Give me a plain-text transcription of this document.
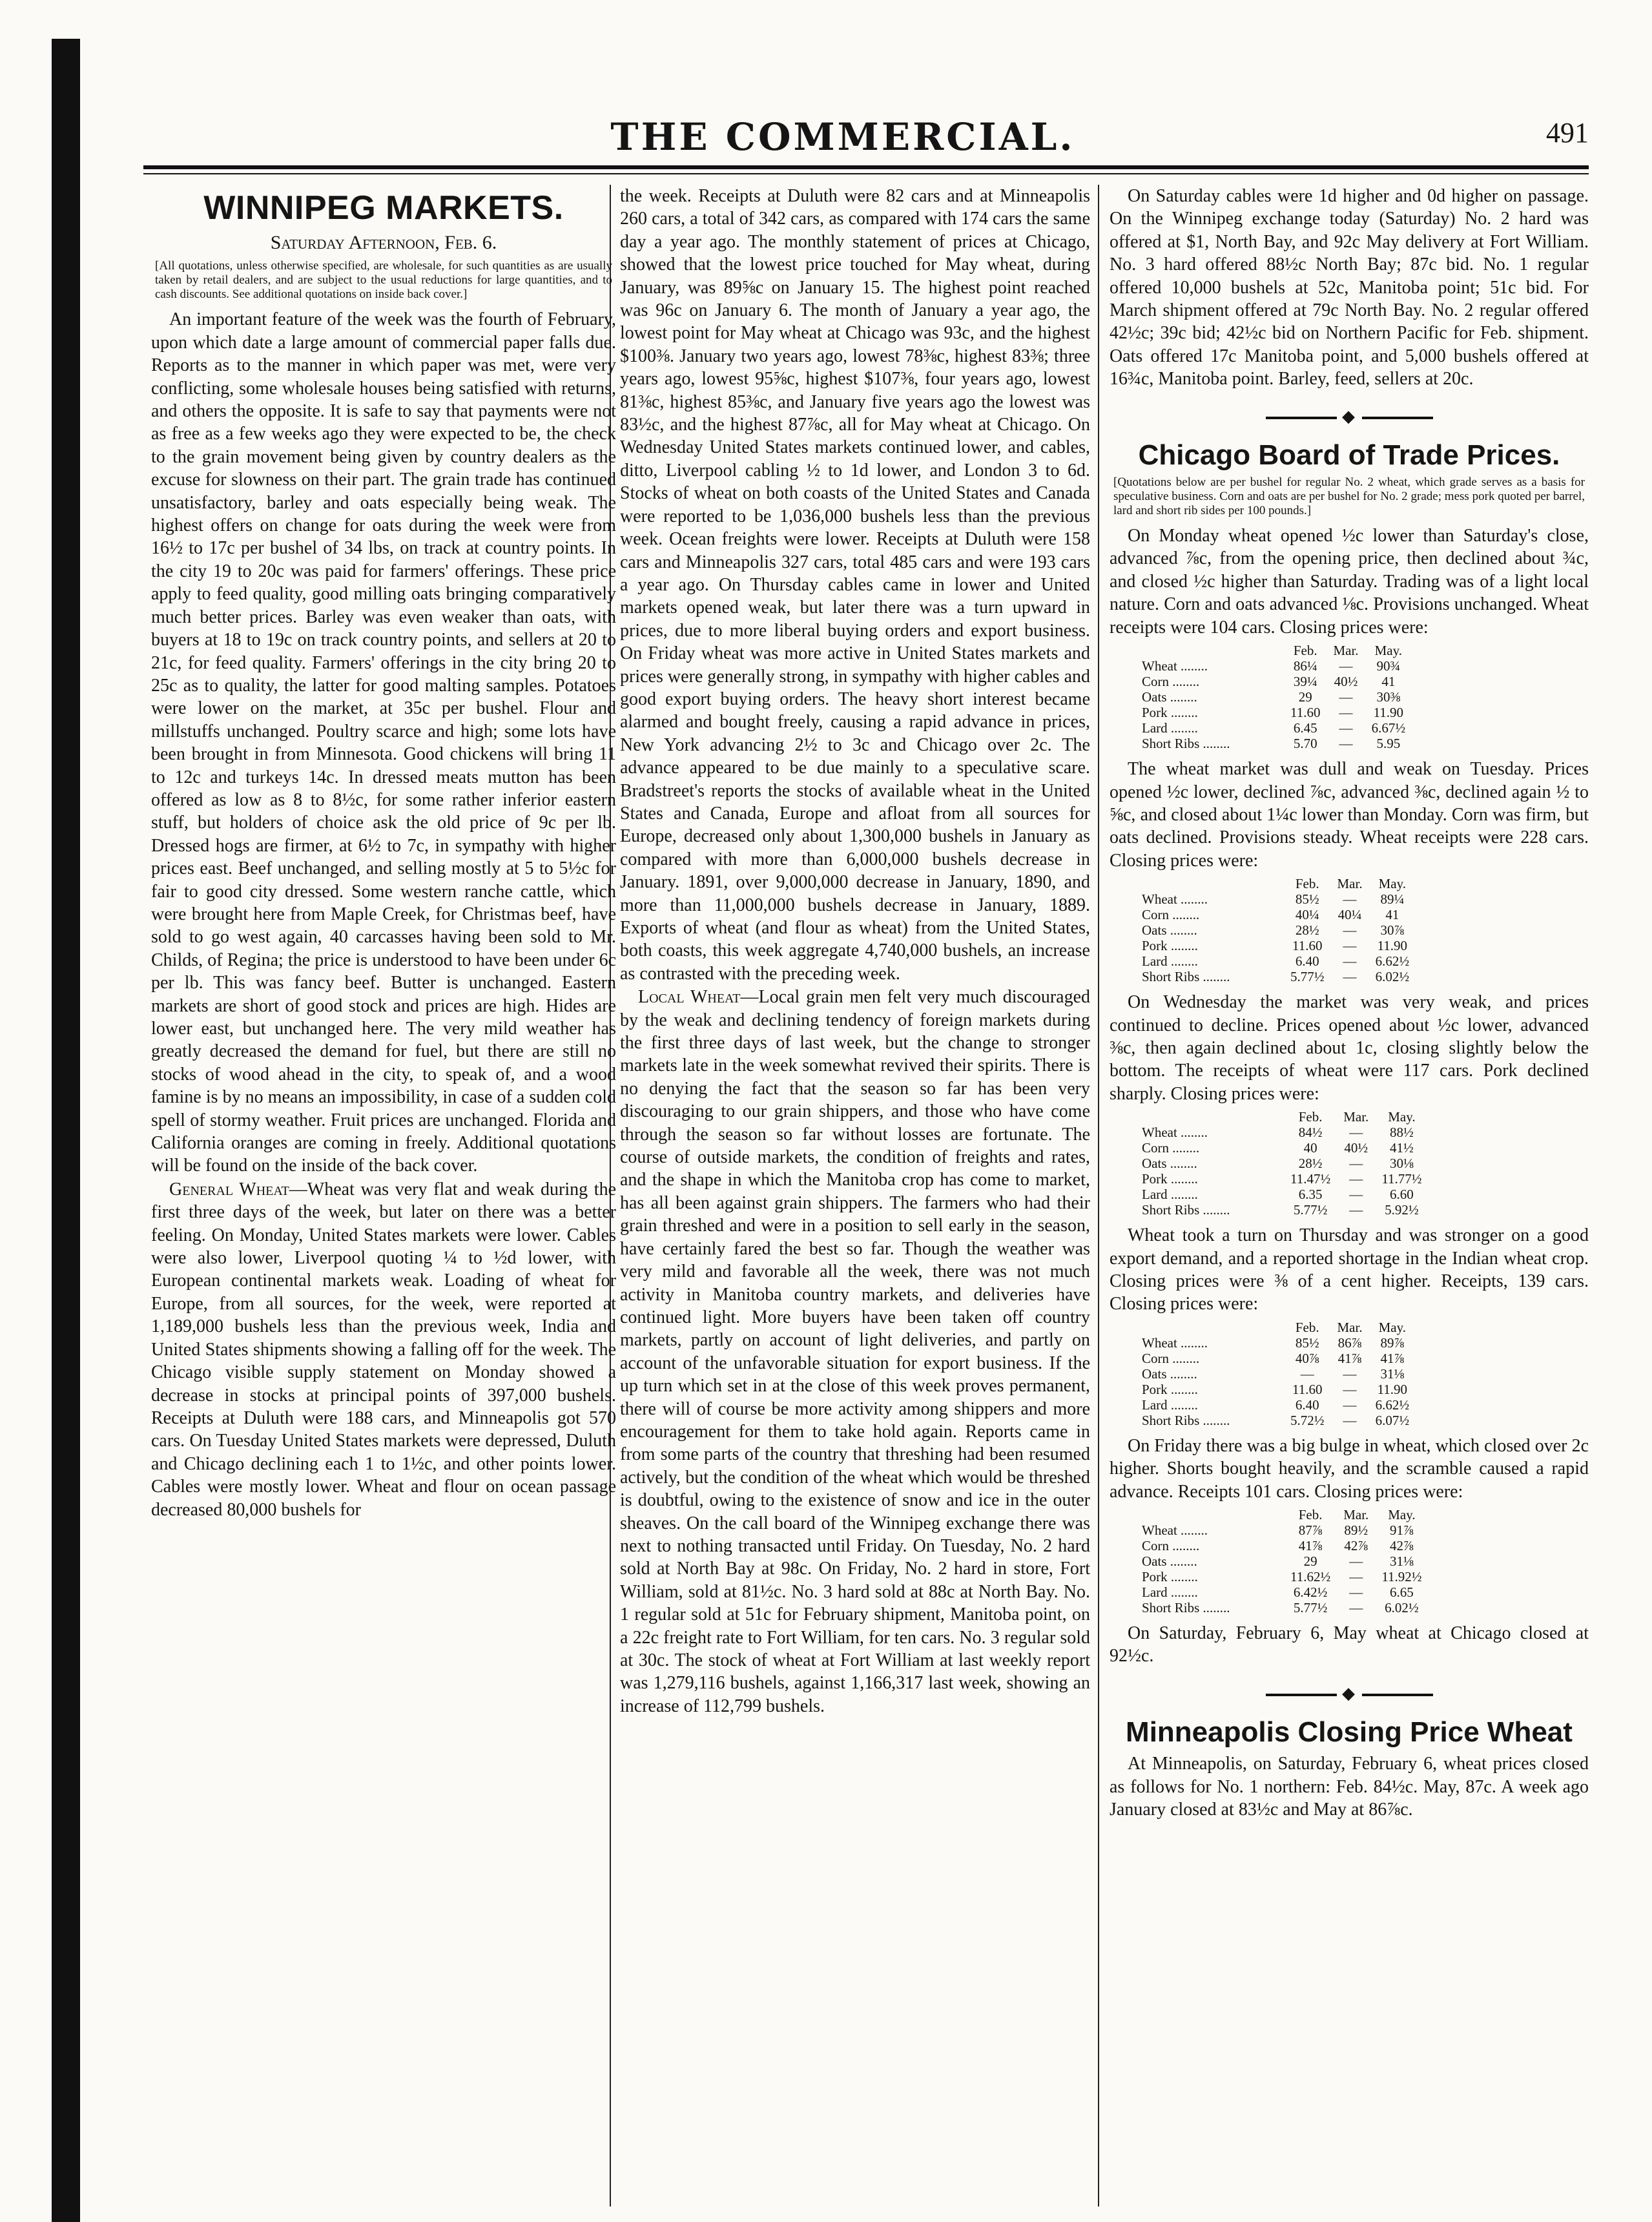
THE COMMERCIAL.	491
WINNIPEG MARKETS.
Saturday Afternoon, Feb. 6.
[All quotations, unless otherwise specified, are wholesale, for such quantities as are usually taken by retail dealers, and are subject to the usual reductions for large quantities, and to cash discounts. See additional quotations on inside back cover.]

An important feature of the week was the fourth of February, upon which date a large amount of commercial paper falls due. Reports as to the manner in which paper was met, were very conflicting, some wholesale houses being satisfied with returns, and others the opposite. It is safe to say that payments were not as free as a few weeks ago they were expected to be, the check to the grain movement being given by country dealers as the excuse for slowness on their part. The grain trade has continued unsatisfactory, barley and oats especially being weak. The highest offers on change for oats during the week were from 16½ to 17c per bushel of 34 lbs, on track at country points. In the city 19 to 20c was paid for farmers' offerings. These price apply to feed quality, good milling oats bringing comparatively much better prices. Barley was even weaker than oats, with buyers at 18 to 19c on track country points, and sellers at 20 to 21c, for feed quality. Farmers' offerings in the city bring 20 to 25c as to quality, the latter for good malting samples. Potatoes were lower on the market, at 35c per bushel. Flour and millstuffs unchanged. Poultry scarce and high; some lots have been brought in from Minnesota. Good chickens will bring 11 to 12c and turkeys 14c. In dressed meats mutton has been offered as low as 8 to 8½c, for some rather inferior eastern stuff, but holders of choice ask the old price of 9c per lb. Dressed hogs are firmer, at 6½ to 7c, in sympathy with higher prices east. Beef unchanged, and selling mostly at 5 to 5½c for fair to good city dressed. Some western ranche cattle, which were brought here from Maple Creek, for Christmas beef, have sold to go west again, 40 carcasses having been sold to Mr. Childs, of Regina; the price is understood to have been under 6c per lb. This was fancy beef. Butter is unchanged. Eastern markets are short of good stock and prices are high. Hides are lower east, but unchanged here. The very mild weather has greatly decreased the demand for fuel, but there are still no stocks of wood ahead in the city, to speak of, and a wood famine is by no means an impossibility, in case of a sudden cold spell of stormy weather. Fruit prices are unchanged. Florida and California oranges are coming in freely. Additional quotations will be found on the inside of the back cover.

General Wheat—Wheat was very flat and weak during the first three days of the week, but later on there was a better feeling. On Monday, United States markets were lower. Cables were also lower, Liverpool quoting ¼ to ½d lower, with European continental markets weak. Loading of wheat for Europe, from all sources, for the week, were reported at 1,189,000 bushels less than the previous week, India and United States shipments showing a falling off for the week. The Chicago visible supply statement on Monday showed a decrease in stocks at principal points of 397,000 bushels. Receipts at Duluth were 188 cars, and Minneapolis got 570 cars. On Tuesday United States markets were depressed, Duluth and Chicago declining each 1 to 1½c, and other points lower. Cables were mostly lower. Wheat and flour on ocean passage decreased 80,000 bushels for

the week. Receipts at Duluth were 82 cars and at Minneapolis 260 cars, a total of 342 cars, as compared with 174 cars the same day a year ago. The monthly statement of prices at Chicago, showed that the lowest price touched for May wheat, during January, was 89⅝c on January 15. The highest point reached was 96c on January 6. The month of January a year ago, the lowest point for May wheat at Chicago was 93c, and the highest $100⅜. January two years ago, lowest 78⅜c, highest 83⅜; three years ago, lowest 95⅝c, highest $107⅜, four years ago, lowest 81⅜c, highest 85⅜c, and January five years ago the lowest was 83½c, and the highest 87⅞c, all for May wheat at Chicago. On Wednesday United States markets continued lower, and cables, ditto, Liverpool cabling ½ to 1d lower, and London 3 to 6d. Stocks of wheat on both coasts of the United States and Canada were reported to be 1,036,000 bushels less than the previous week. Ocean freights were lower. Receipts at Duluth were 158 cars and Minneapolis 327 cars, total 485 cars and were 193 cars a year ago. On Thursday cables came in lower and United markets opened weak, but later there was a turn upward in prices, due to more liberal buying orders and export business. On Friday wheat was more active in United States markets and prices were generally strong, in sympathy with higher cables and good export buying orders. The heavy short interest became alarmed and bought freely, causing a rapid advance in prices, New York advancing 2½ to 3c and Chicago over 2c. The advance appeared to be due mainly to a speculative scare. Bradstreet's reports the stocks of available wheat in the United States and Canada, Europe and afloat from all sources for Europe, decreased only about 1,300,000 bushels in January as compared with more than 6,000,000 bushels decrease in January. 1891, over 9,000,000 decrease in January, 1890, and more than 11,000,000 bushels decrease in January, 1889. Exports of wheat (and flour as wheat) from the United States, both coasts, this week aggregate 4,740,000 bushels, an increase as contrasted with the preceding week.

Local Wheat—Local grain men felt very much discouraged by the weak and declining tendency of foreign markets during the first three days of last week, but the change to stronger markets late in the week somewhat revived their spirits. There is no denying the fact that the season so far has been very discouraging to our grain shippers, and those who have come through the season so far without losses are fortunate. The course of outside markets, the condition of freights and rates, and the shape in which the Manitoba crop has come to market, has all been against grain shippers. The farmers who had their grain threshed and were in a position to sell early in the season, have certainly fared the best so far. Though the weather was very mild and favorable all the week, there was not much activity in Manitoba country markets, and deliveries have continued light. More buyers have been taken off country markets, partly on account of light deliveries, and partly on account of the unfavorable situation for export business. If the up turn which set in at the close of this week proves permanent, there will of course be more activity among shippers and more encouragement for them to take hold again. Reports came in from some parts of the country that threshing had been resumed actively, but the condition of the wheat which would be threshed is doubtful, owing to the existence of snow and ice in the outer sheaves. On the call board of the Winnipeg exchange there was next to nothing transacted until Friday. On Tuesday, No. 2 hard sold at North Bay at 98c. On Friday, No. 2 hard in store, Fort William, sold at 81½c. No. 3 hard sold at 88c at North Bay. No. 1 regular sold at 51c for February shipment, Manitoba point, on a 22c freight rate to Fort William, for ten cars. No. 3 regular sold at 30c. The stock of wheat at Fort William at last weekly report was 1,279,116 bushels, against 1,166,317 last week, showing an increase of 112,799 bushels.

On Saturday cables were 1d higher and 0d higher on passage. On the Winnipeg exchange today (Saturday) No. 2 hard was offered at $1, North Bay, and 92c May delivery at Fort William. No. 3 hard offered 88½c North Bay; 87c bid. No. 1 regular offered 10,000 bushels at 52c, Manitoba point; 51c bid. For March shipment offered at 79c North Bay. No. 2 regular offered 42½c; 39c bid; 42½c bid on Northern Pacific for Feb. shipment. Oats offered 17c Manitoba point, and 5,000 bushels offered at 16¾c, Manitoba point. Barley, feed, sellers at 20c.

◆
Chicago Board of Trade Prices.
[Quotations below are per bushel for regular No. 2 wheat, which grade serves as a basis for speculative business. Corn and oats are per bushel for No. 2 grade; mess pork quoted per barrel, lard and short rib sides per 100 pounds.]

On Monday wheat opened ½c lower than Saturday's close, advanced ⅞c, from the opening price, then declined about ¾c, and closed ½c higher than Saturday. Trading was of a light local nature. Corn and oats advanced ⅛c. Provisions unchanged. Wheat receipts were 104 cars. Closing prices were:

	Feb.	Mar.	May.
Wheat ........	86¼	—	90¾
Corn ........	39¼	40½	41
Oats ........	29	—	30⅜
Pork ........	11.60	—	11.90
Lard ........	6.45	—	6.67½
Short Ribs ........	5.70	—	5.95

The wheat market was dull and weak on Tuesday. Prices opened ½c lower, declined ⅞c, advanced ⅜c, declined again ½ to ⅝c, and closed about 1¼c lower than Monday. Corn was firm, but oats declined. Provisions steady. Wheat receipts were 228 cars. Closing prices were:

	Feb.	Mar.	May.
Wheat ........	85½	—	89¼
Corn ........	40¼	40¼	41
Oats ........	28½	—	30⅞
Pork ........	11.60	—	11.90
Lard ........	6.40	—	6.62½
Short Ribs ........	5.77½	—	6.02½

On Wednesday the market was very weak, and prices continued to decline. Prices opened about ½c lower, advanced ⅜c, then again declined about 1c, closing slightly below the bottom. The receipts of wheat were 117 cars. Pork declined sharply. Closing prices were:

	Feb.	Mar.	May.
Wheat ........	84½	—	88½
Corn ........	40	40½	41½
Oats ........	28½	—	30⅛
Pork ........	11.47½	—	11.77½
Lard ........	6.35	—	6.60
Short Ribs ........	5.77½	—	5.92½

Wheat took a turn on Thursday and was stronger on a good export demand, and a reported shortage in the Indian wheat crop. Closing prices were ⅜ of a cent higher. Receipts, 139 cars. Closing prices were:

	Feb.	Mar.	May.
Wheat ........	85½	86⅞	89⅞
Corn ........	40⅞	41⅞	41⅞
Oats ........	—	—	31⅛
Pork ........	11.60	—	11.90
Lard ........	6.40	—	6.62½
Short Ribs ........	5.72½	—	6.07½

On Friday there was a big bulge in wheat, which closed over 2c higher. Shorts bought heavily, and the scramble caused a rapid advance. Receipts 101 cars. Closing prices were:

	Feb.	Mar.	May.
Wheat ........	87⅞	89½	91⅞
Corn ........	41⅞	42⅞	42⅞
Oats ........	29	—	31⅛
Pork ........	11.62½	—	11.92½
Lard ........	6.42½	—	6.65
Short Ribs ........	5.77½	—	6.02½

On Saturday, February 6, May wheat at Chicago closed at 92½c.

◆
Minneapolis Closing Price Wheat

At Minneapolis, on Saturday, February 6, wheat prices closed as follows for No. 1 northern: Feb. 84½c. May, 87c. A week ago January closed at 83½c and May at 86⅞c.
